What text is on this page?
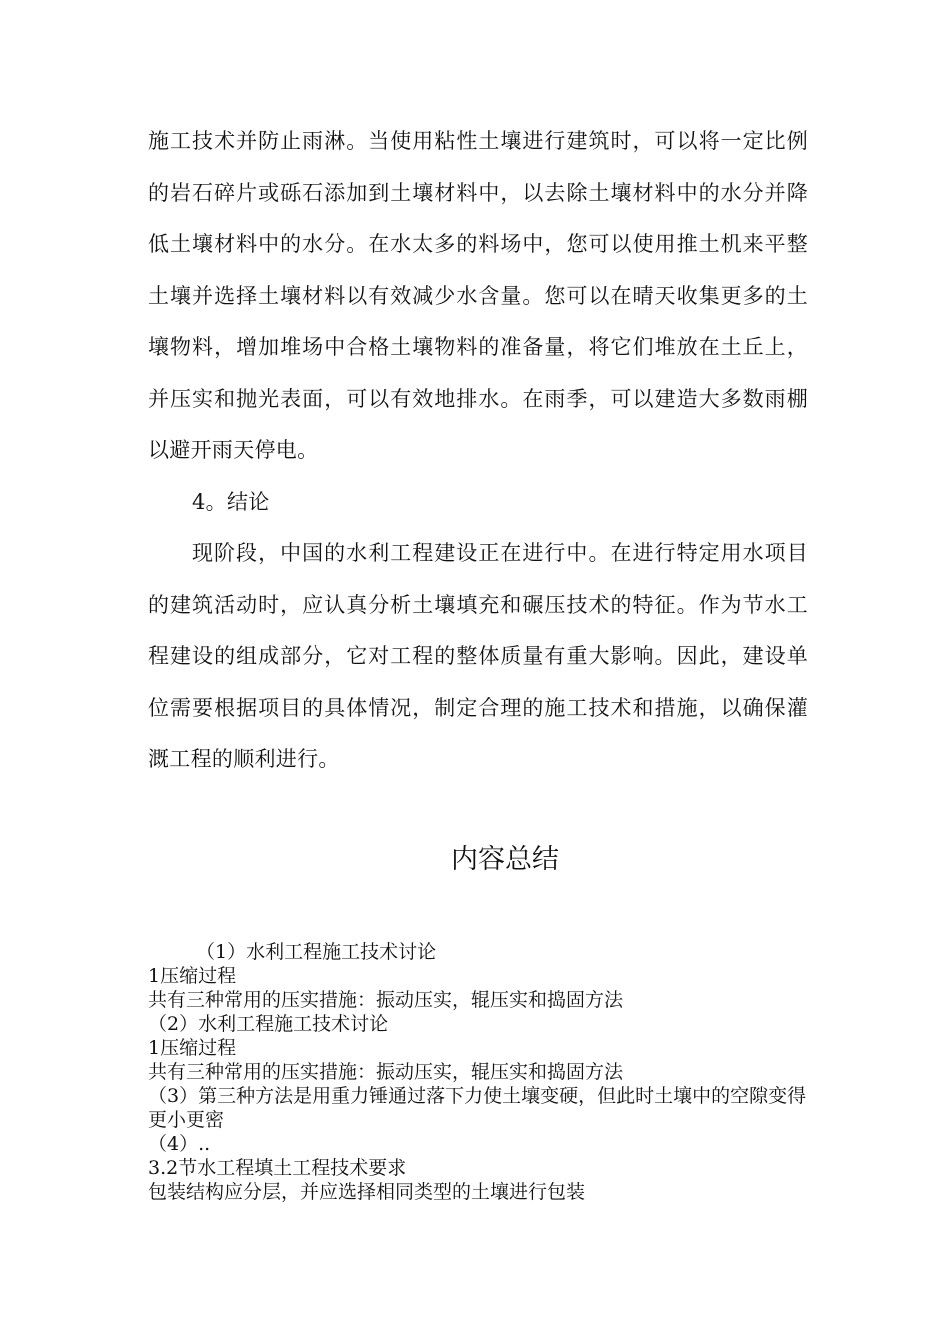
施工技术并防止雨淋。当使用粘性土壤进行建筑时，可以将一定比例的岩石碎片或砾石添加到土壤材料中，以去除土壤材料中的水分并降低土壤材料中的水分。在水太多的料场中，您可以使用推土机来平整土壤并选择土壤材料以有效减少水含量。您可以在晴天收集更多的土壤物料，增加堆场中合格土壤物料的准备量，将它们堆放在土丘上，并压实和抛光表面，可以有效地排水。在雨季，可以建造大多数雨棚以避开雨天停电。

4。结论

现阶段，中国的水利工程建设正在进行中。在进行特定用水项目的建筑活动时，应认真分析土壤填充和碾压技术的特征。作为节水工程建设的组成部分，它对工程的整体质量有重大影响。因此，建设单位需要根据项目的具体情况，制定合理的施工技术和措施，以确保灌溉工程的顺利进行。

内容总结
（1）水利工程施工技术讨论
1压缩过程
共有三种常用的压实措施：振动压实，辊压实和捣固方法
（2）水利工程施工技术讨论
1压缩过程
共有三种常用的压实措施：振动压实，辊压实和捣固方法
（3）第三种方法是用重力锤通过落下力使土壤变硬，但此时土壤中的空隙变得更小更密
（4）..
3.2节水工程填土工程技术要求
包装结构应分层，并应选择相同类型的土壤进行包装
